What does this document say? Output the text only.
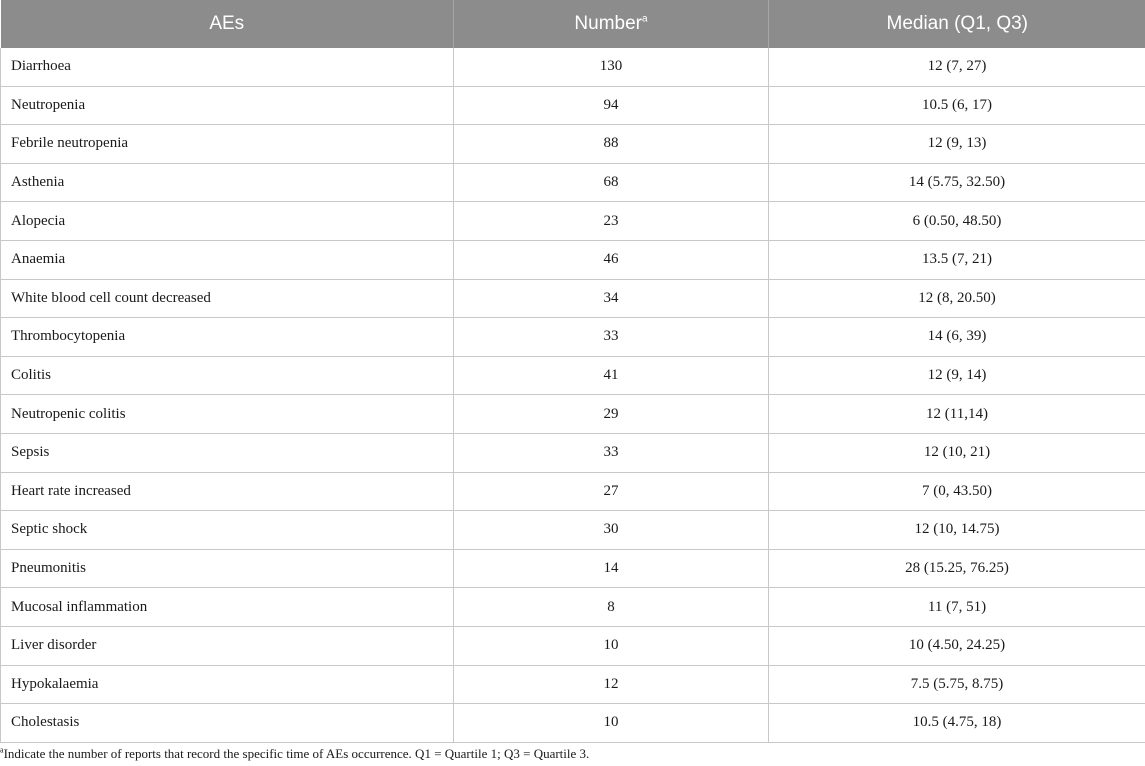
AEs	Number$^a$	Median (Q1, Q3)
Diarrhoea	130	12 (7, 27)
Neutropenia	94	10.5 (6, 17)
Febrile neutropenia	88	12 (9, 13)
Asthenia	68	14 (5.75, 32.50)
Alopecia	23	6 (0.50, 48.50)
Anaemia	46	13.5 (7, 21)
White blood cell count decreased	34	12 (8, 20.50)
Thrombocytopenia	33	14 (6, 39)
Colitis	41	12 (9, 14)
Neutropenic colitis	29	12 (11,14)
Sepsis	33	12 (10, 21)
Heart rate increased	27	7 (0, 43.50)
Septic shock	30	12 (10, 14.75)
Pneumonitis	14	28 (15.25, 76.25)
Mucosal inflammation	8	11 (7, 51)
Liver disorder	10	10 (4.50, 24.25)
Hypokalaemia	12	7.5 (5.75, 8.75)
Cholestasis	10	10.5 (4.75, 18)
$^a$Indicate the number of reports that record the specific time of AEs occurrence. Q1 = Quartile 1; Q3 = Quartile 3.
